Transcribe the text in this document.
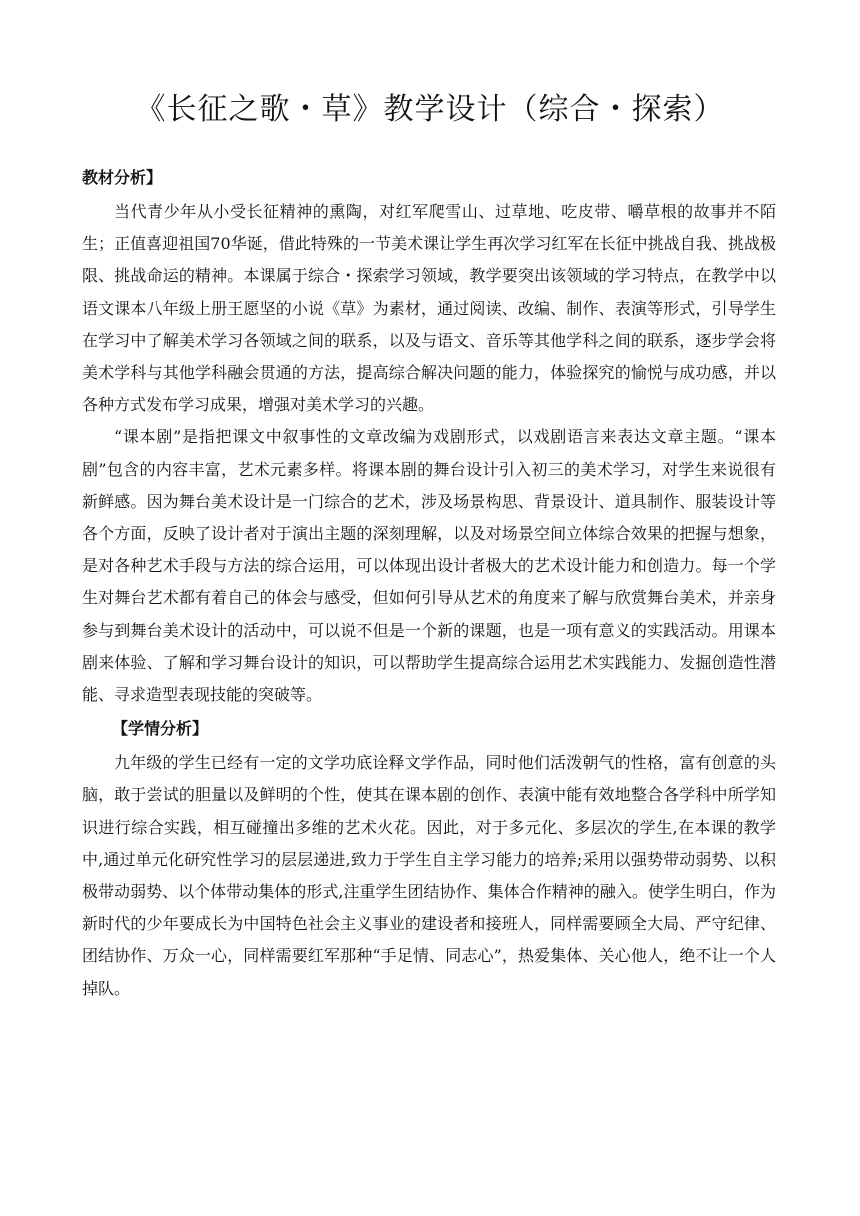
《长征之歌・草》教学设计（综合・探索）

教材分析】

当代青少年从小受长征精神的熏陶，对红军爬雪山、过草地、吃皮带、嚼草根的故事并不陌生；正值喜迎祖国70华诞，借此特殊的一节美术课让学生再次学习红军在长征中挑战自我、挑战极限、挑战命运的精神。本课属于综合・探索学习领域，教学要突出该领域的学习特点，在教学中以语文课本八年级上册王愿坚的小说《草》为素材，通过阅读、改编、制作、表演等形式，引导学生在学习中了解美术学习各领域之间的联系，以及与语文、音乐等其他学科之间的联系，逐步学会将美术学科与其他学科融会贯通的方法，提高综合解决问题的能力，体验探究的愉悦与成功感，并以各种方式发布学习成果，增强对美术学习的兴趣。

“课本剧”是指把课文中叙事性的文章改编为戏剧形式，以戏剧语言来表达文章主题。“课本剧”包含的内容丰富，艺术元素多样。将课本剧的舞台设计引入初三的美术学习，对学生来说很有新鲜感。因为舞台美术设计是一门综合的艺术，涉及场景构思、背景设计、道具制作、服装设计等各个方面，反映了设计者对于演出主题的深刻理解，以及对场景空间立体综合效果的把握与想象，是对各种艺术手段与方法的综合运用，可以体现出设计者极大的艺术设计能力和创造力。每一个学生对舞台艺术都有着自己的体会与感受，但如何引导从艺术的角度来了解与欣赏舞台美术，并亲身参与到舞台美术设计的活动中，可以说不但是一个新的课题，也是一项有意义的实践活动。用课本剧来体验、了解和学习舞台设计的知识，可以帮助学生提高综合运用艺术实践能力、发掘创造性潜能、寻求造型表现技能的突破等。

【学情分析】

九年级的学生已经有一定的文学功底诠释文学作品，同时他们活泼朝气的性格，富有创意的头脑，敢于尝试的胆量以及鲜明的个性，使其在课本剧的创作、表演中能有效地整合各学科中所学知识进行综合实践，相互碰撞出多维的艺术火花。因此，对于多元化、多层次的学生,在本课的教学中,通过单元化研究性学习的层层递进,致力于学生自主学习能力的培养;采用以强势带动弱势、以积极带动弱势、以个体带动集体的形式,注重学生团结协作、集体合作精神的融入。使学生明白，作为新时代的少年要成长为中国特色社会主义事业的建设者和接班人，同样需要顾全大局、严守纪律、团结协作、万众一心，同样需要红军那种“手足情、同志心”，热爱集体、关心他人，绝不让一个人掉队。
